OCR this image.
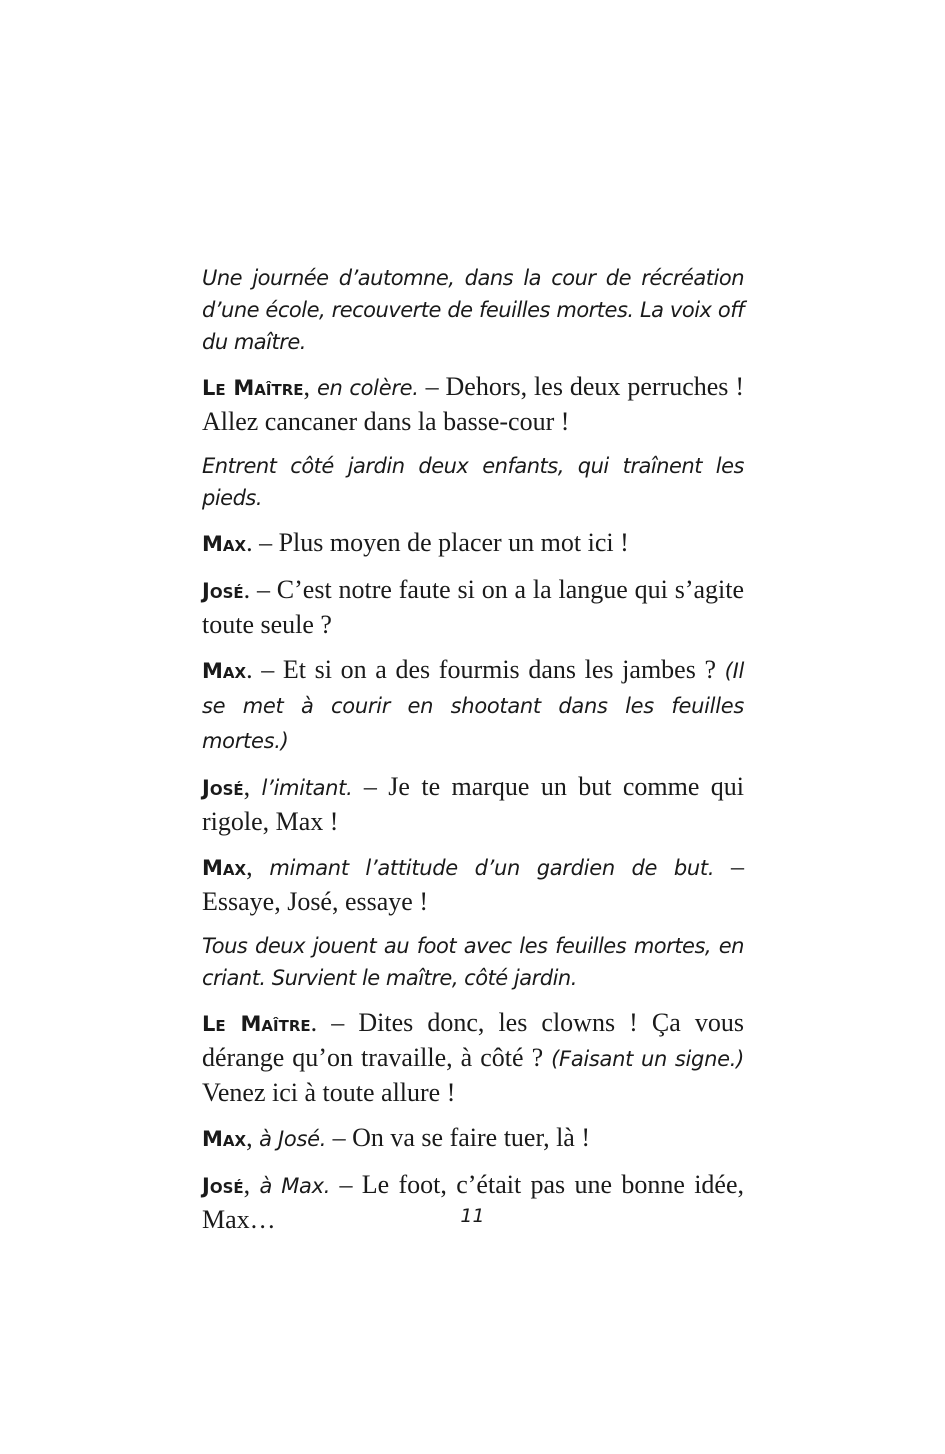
Une journée d’automne, dans la cour de récréation d’une école, recouverte de feuilles mortes. La voix off du maître.

Le Maître, en colère. – Dehors, les deux perruches ! Allez cancaner dans la basse-cour !

Entrent côté jardin deux enfants, qui traînent les pieds.

Max. – Plus moyen de placer un mot ici !

José. – C’est notre faute si on a la langue qui s’agite toute seule ?

Max. – Et si on a des fourmis dans les jambes ? (Il se met à courir en shootant dans les feuilles mortes.)

José, l’imitant. – Je te marque un but comme qui rigole, Max !

Max, mimant l’attitude d’un gardien de but. – Essaye, José, essaye !

Tous deux jouent au foot avec les feuilles mortes, en criant. Survient le maître, côté jardin.

Le Maître. – Dites donc, les clowns ! Ça vous dérange qu’on travaille, à côté ? (Faisant un signe.) Venez ici à toute allure !

Max, à José. – On va se faire tuer, là !

José, à Max. – Le foot, c’était pas une bonne idée, Max…	11
